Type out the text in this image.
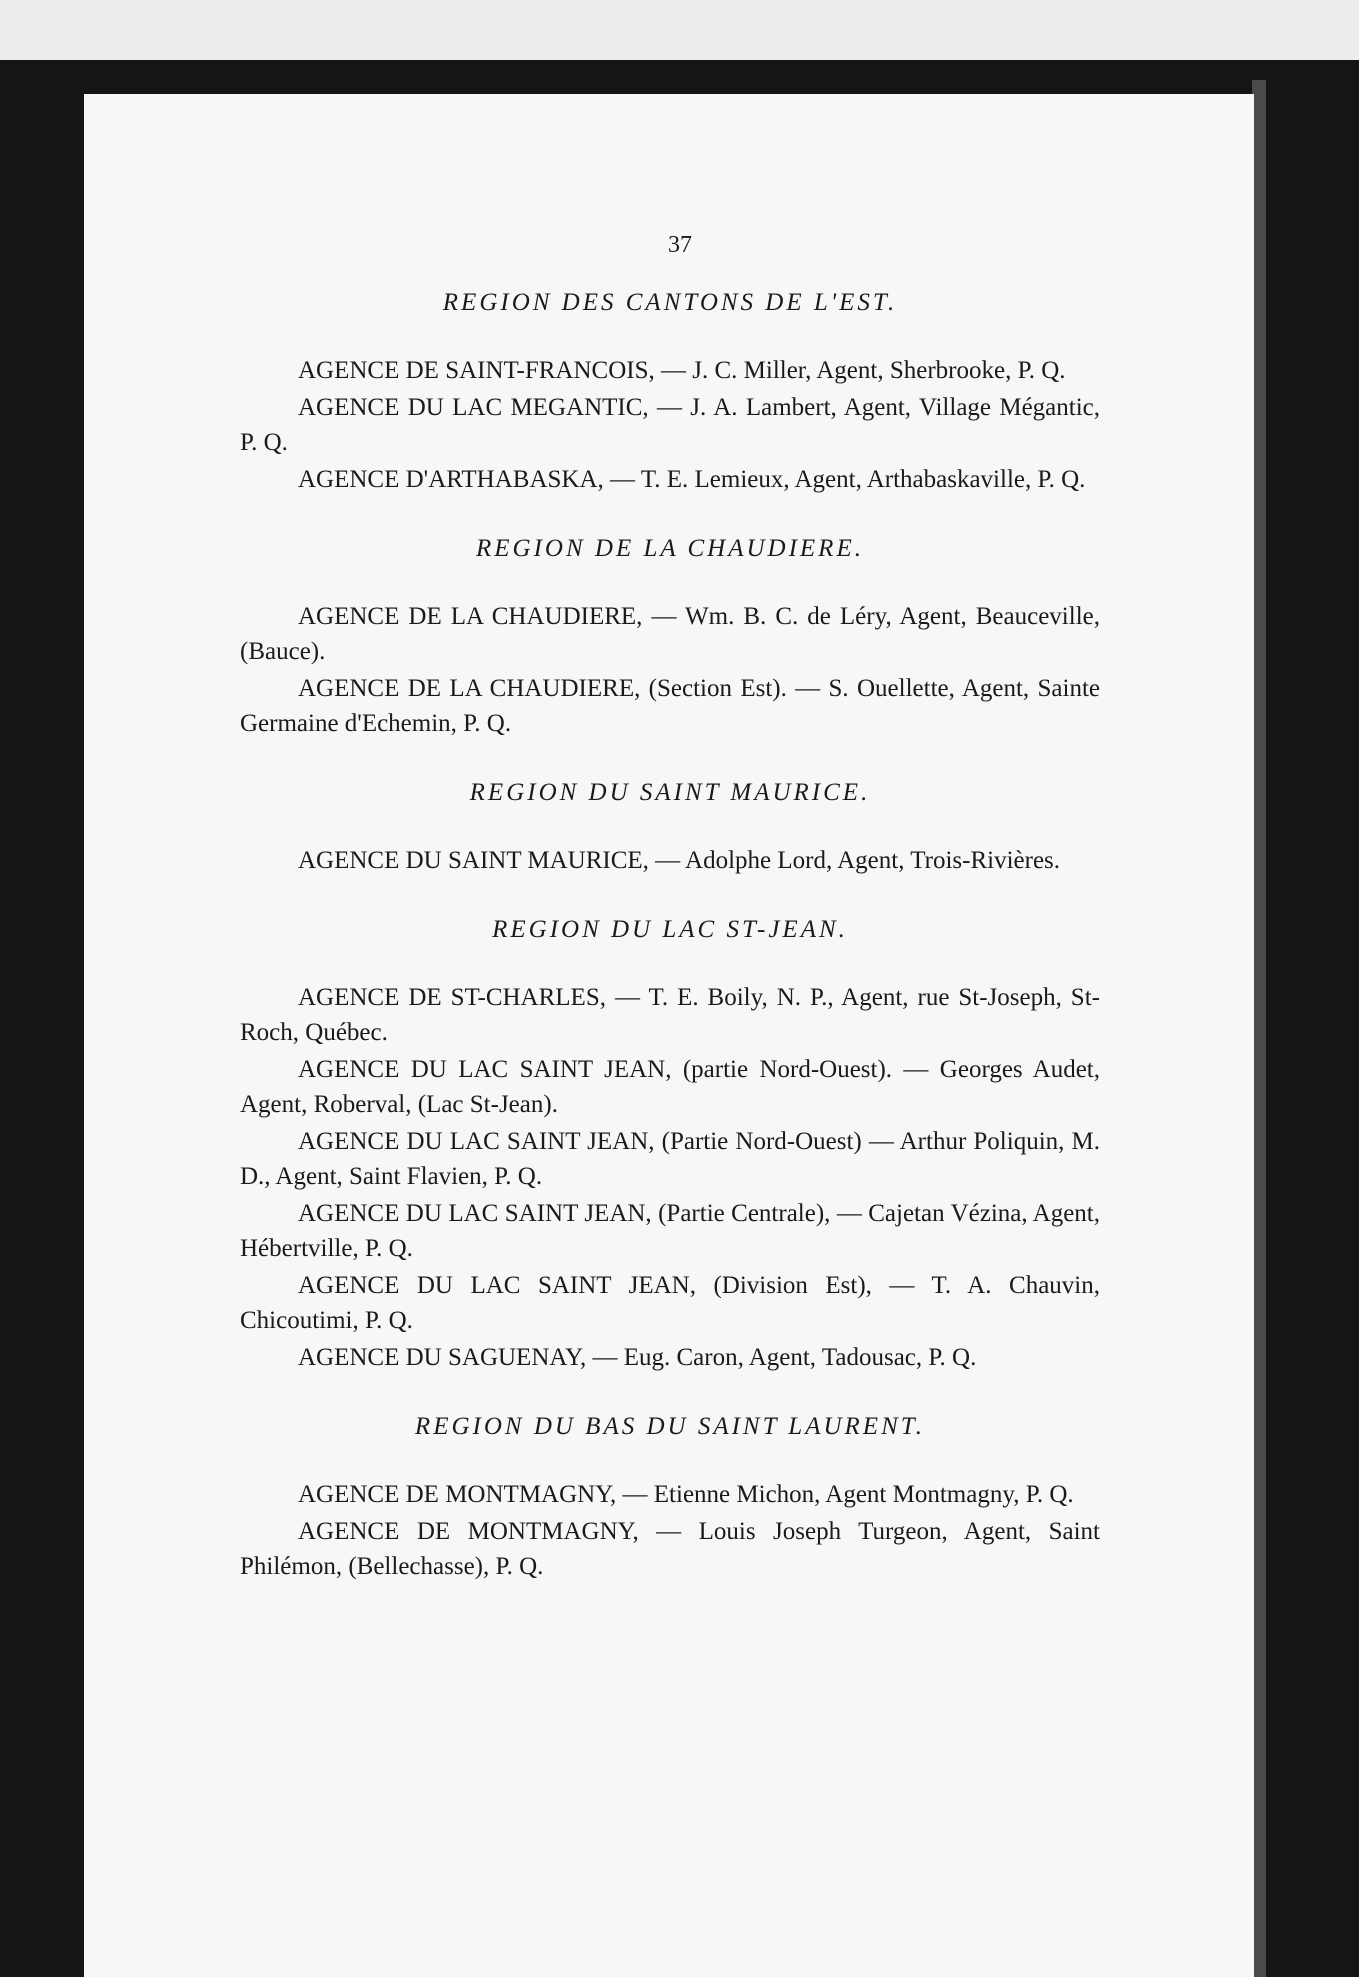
37
REGION DES CANTONS DE L'EST.

AGENCE DE SAINT-FRANCOIS, — J. C. Miller, Agent, Sherbrooke, P. Q.

AGENCE DU LAC MEGANTIC, — J. A. Lambert, Agent, Village Mégantic, P. Q.

AGENCE D'ARTHABASKA, — T. E. Lemieux, Agent, Arthabaskaville, P. Q.

REGION DE LA CHAUDIERE.

AGENCE DE LA CHAUDIERE, — Wm. B. C. de Léry, Agent, Beauceville, (Bauce).

AGENCE DE LA CHAUDIERE, (Section Est). — S. Ouellette, Agent, Sainte Germaine d'Echemin, P. Q.

REGION DU SAINT MAURICE.

AGENCE DU SAINT MAURICE, — Adolphe Lord, Agent, Trois-Rivières.

REGION DU LAC ST-JEAN.

AGENCE DE ST-CHARLES, — T. E. Boily, N. P., Agent, rue St-Joseph, St-Roch, Québec.

AGENCE DU LAC SAINT JEAN, (partie Nord-Ouest). — Georges Audet, Agent, Roberval, (Lac St-Jean).

AGENCE DU LAC SAINT JEAN, (Partie Nord-Ouest) — Arthur Poliquin, M. D., Agent, Saint Flavien, P. Q.

AGENCE DU LAC SAINT JEAN, (Partie Centrale), — Cajetan Vézina, Agent, Hébertville, P. Q.

AGENCE DU LAC SAINT JEAN, (Division Est), — T. A. Chauvin, Chicoutimi, P. Q.

AGENCE DU SAGUENAY, — Eug. Caron, Agent, Tadousac, P. Q.

REGION DU BAS DU SAINT LAURENT.

AGENCE DE MONTMAGNY, — Etienne Michon, Agent Montmagny, P. Q.

AGENCE DE MONTMAGNY, — Louis Joseph Turgeon, Agent, Saint Philémon, (Bellechasse), P. Q.
